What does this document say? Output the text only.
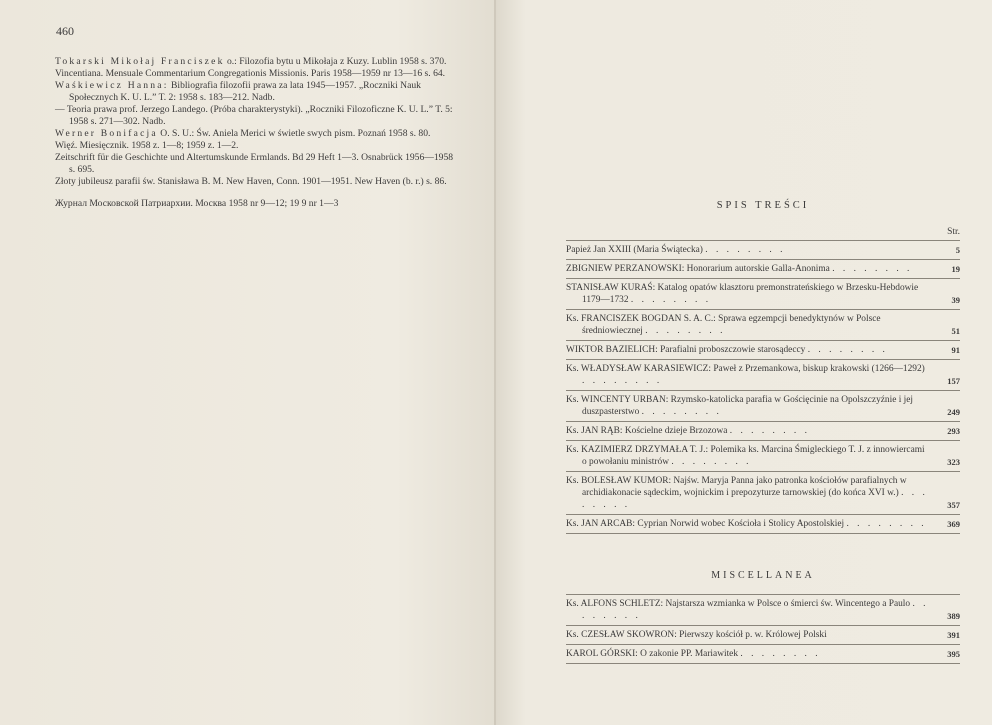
460
Tokarski Mikołaj Franciszek o.: Filozofia bytu u Mikołaja z Kuzy. Lublin 1958 s. 370.
Vincentiana. Mensuale Commentarium Congregationis Missionis. Paris 1958—1959 nr 13—16 s. 64.
Waśkiewicz Hanna: Bibliografia filozofii prawa za lata 1945—1957. „Roczniki Nauk Społecznych K. U. L.” T. 2: 1958 s. 183—212. Nadb.
— Teoria prawa prof. Jerzego Landego. (Próba charakterystyki). „Roczniki Filozoficzne K. U. L.” T. 5: 1958 s. 271—302. Nadb.
Werner Bonifacja O. S. U.: Św. Aniela Merici w świetle swych pism. Poznań 1958 s. 80.
Więź. Miesięcznik. 1958 z. 1—8; 1959 z. 1—2.
Zeitschrift für die Geschichte und Altertumskunde Ermlands. Bd 29 Heft 1—3. Osnabrück 1956—1958 s. 695.
Złoty jubileusz parafii św. Stanisława B. M. New Haven, Conn. 1901—1951. New Haven (b. r.) s. 86.
Журнал Московской Патриархии. Москва 1958 nr 9—12; 19 9 nr 1—3	SPIS TREŚCI
Str.
Papież Jan XXIII (Maria Świątecka) . . . . . . . .	5
ZBIGNIEW PERZANOWSKI: Honorarium autorskie Galla-Anonima . . . . . . . .	19
STANISŁAW KURAŚ: Katalog opatów klasztoru premonstrateńskiego w Brzesku-Hebdowie 1179—1732 . . . . . . . .	39
Ks. FRANCISZEK BOGDAN S. A. C.: Sprawa egzempcji benedyktynów w Polsce średniowiecznej . . . . . . . .	51
WIKTOR BAZIELICH: Parafialni proboszczowie starosądeccy . . . . . . . .	91
Ks. WŁADYSŁAW KARASIEWICZ: Paweł z Przemankowa, biskup krakowski (1266—1292) . . . . . . . .	157
Ks. WINCENTY URBAN: Rzymsko-katolicka parafia w Gościęcinie na Opolszczyźnie i jej duszpasterstwo . . . . . . . .	249
Ks. JAN RĄB: Kościelne dzieje Brzozowa . . . . . . . .	293
Ks. KAZIMIERZ DRZYMAŁA T. J.: Polemika ks. Marcina Śmigleckiego T. J. z innowiercami o powołaniu ministrów . . . . . . . .	323
Ks. BOLESŁAW KUMOR: Najśw. Maryja Panna jako patronka kościołów parafialnych w archidiakonacie sądeckim, wojnickim i prepozyturze tarnowskiej (do końca XVI w.) . . . . . . . .	357
Ks. JAN ARCAB: Cyprian Norwid wobec Kościoła i Stolicy Apostolskiej . . . . . . . .	369
MISCELLANEA
Ks. ALFONS SCHLETZ: Najstarsza wzmianka w Polsce o śmierci św. Wincentego a Paulo . . . . . . . .	389
Ks. CZESŁAW SKOWRON: Pierwszy kościół p. w. Królowej Polski	391
KAROL GÓRSKI: O zakonie PP. Mariawitek . . . . . . . .	395
